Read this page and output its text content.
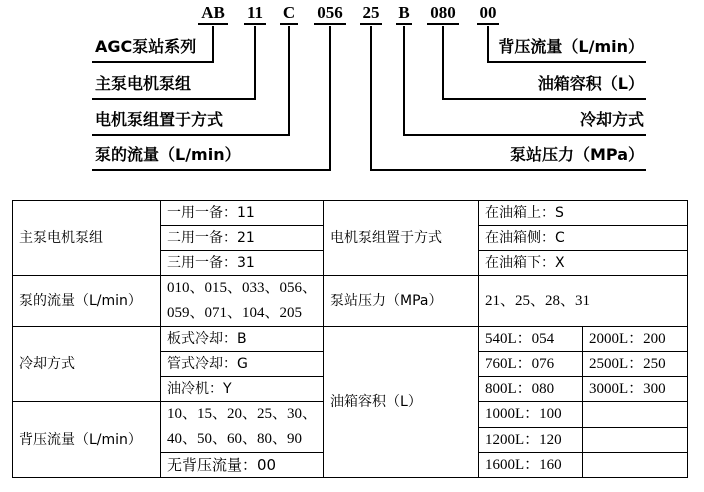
AB 11 C 056 25 B 080 00
AGC泵站系列
主泵电机泵组
电机泵组置于方式
泵的流量（L/min）
背压流量（L/min）
油箱容积（L）
冷却方式
泵站压力（MPa）
主泵电机泵组	一用一备：11	电机泵组置于方式	在油箱上：S	
	二用一备：21		在油箱侧：C	
	三用一备：31		在油箱下：X	
泵的流量（L/min）	010、015、033、056、
059、071、104、205	泵站压力（MPa）	21、25、28、31	
冷却方式	板式冷却：B	油箱容积（L）	540L：054	2000L：200
	管式冷却：G		760L：076	2500L：250
	油冷机：Y		800L：080	3000L：300
背压流量（L/min）	10、15、20、25、30、
40、50、60、80、90		1000L：100	
			1200L：120	
	无背压流量：00		1600L：160	
